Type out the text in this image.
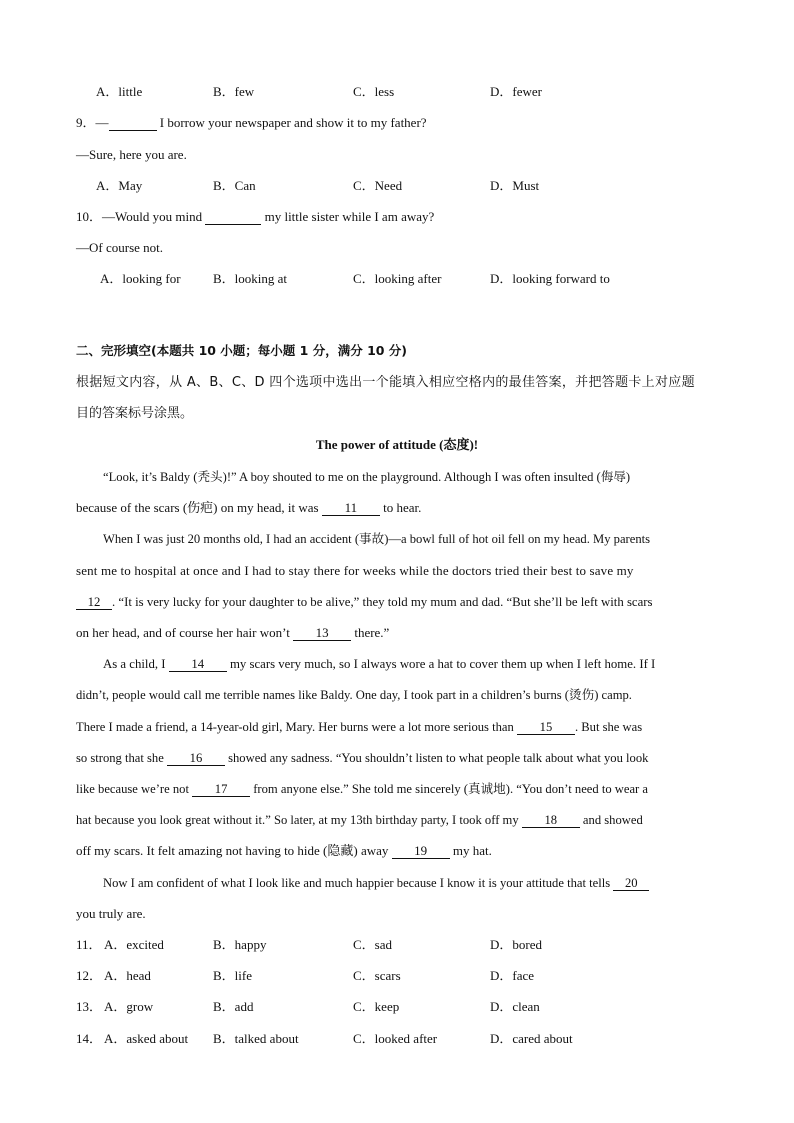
A．little	B．few	C．less	D．fewer
9．—	I borrow your newspaper and show it to my father?
—Sure, here you are.
A．May	B．Can	C．Need	D．Must
10．—Would you mind	my little sister while I am away?
—Of course not.
A．looking for B．looking at	C．looking after	D．looking forward to
二、完形填空(本题共 10 小题；每小题 1 分，满分 10 分)
根据短文内容，从 A、B、C、D 四个选项中选出一个能填入相应空格内的最佳答案，并把答题卡上对应题
目的答案标号涂黑。
The power of attitude (态度)!
“Look, it’s Baldy (秃头)!” A boy shouted to me on the playground. Although I was often insulted (侮辱)
because of the scars (伤疤) on my head, it was 11 to hear.
When I was just 20 months old, I had an accident (事故)—a bowl full of hot oil fell on my head. My parents
sent me to hospital at once and I had to stay there for weeks while the doctors tried their best to save my
12 . “It is very lucky for your daughter to be alive,” they told my mum and dad. “But she’ll be left with scars
on her head, and of course her hair won’t 13 there.”
As a child, I 14 my scars very much, so I always wore a hat to cover them up when I left home. If I
didn’t, people would call me terrible names like Baldy. One day, I took part in a children’s burns (烫伤) camp.
There I made a friend, a 14-year-old girl, Mary. Her burns were a lot more serious than 15 . But she was
so strong that she 16 showed any sadness. “You shouldn’t listen to what people talk about what you look
like because we’re not 17 from anyone else.” She told me sincerely (真诚地). “You don’t need to wear a
hat because you look great without it.” So later, at my 13th birthday party, I took off my 18 and showed
off my scars. It felt amazing not having to hide (隐藏) away 19 my hat.
Now I am confident of what I look like and much happier because I know it is your attitude that tells 20
you truly are.
11． A．excited	B．happy	C．sad	D．bored
12． A．head	B．life	C．scars	D．face
13． A．grow	B．add	C．keep	D．clean
14． A．asked about B．talked about	C．looked after	D．cared about
